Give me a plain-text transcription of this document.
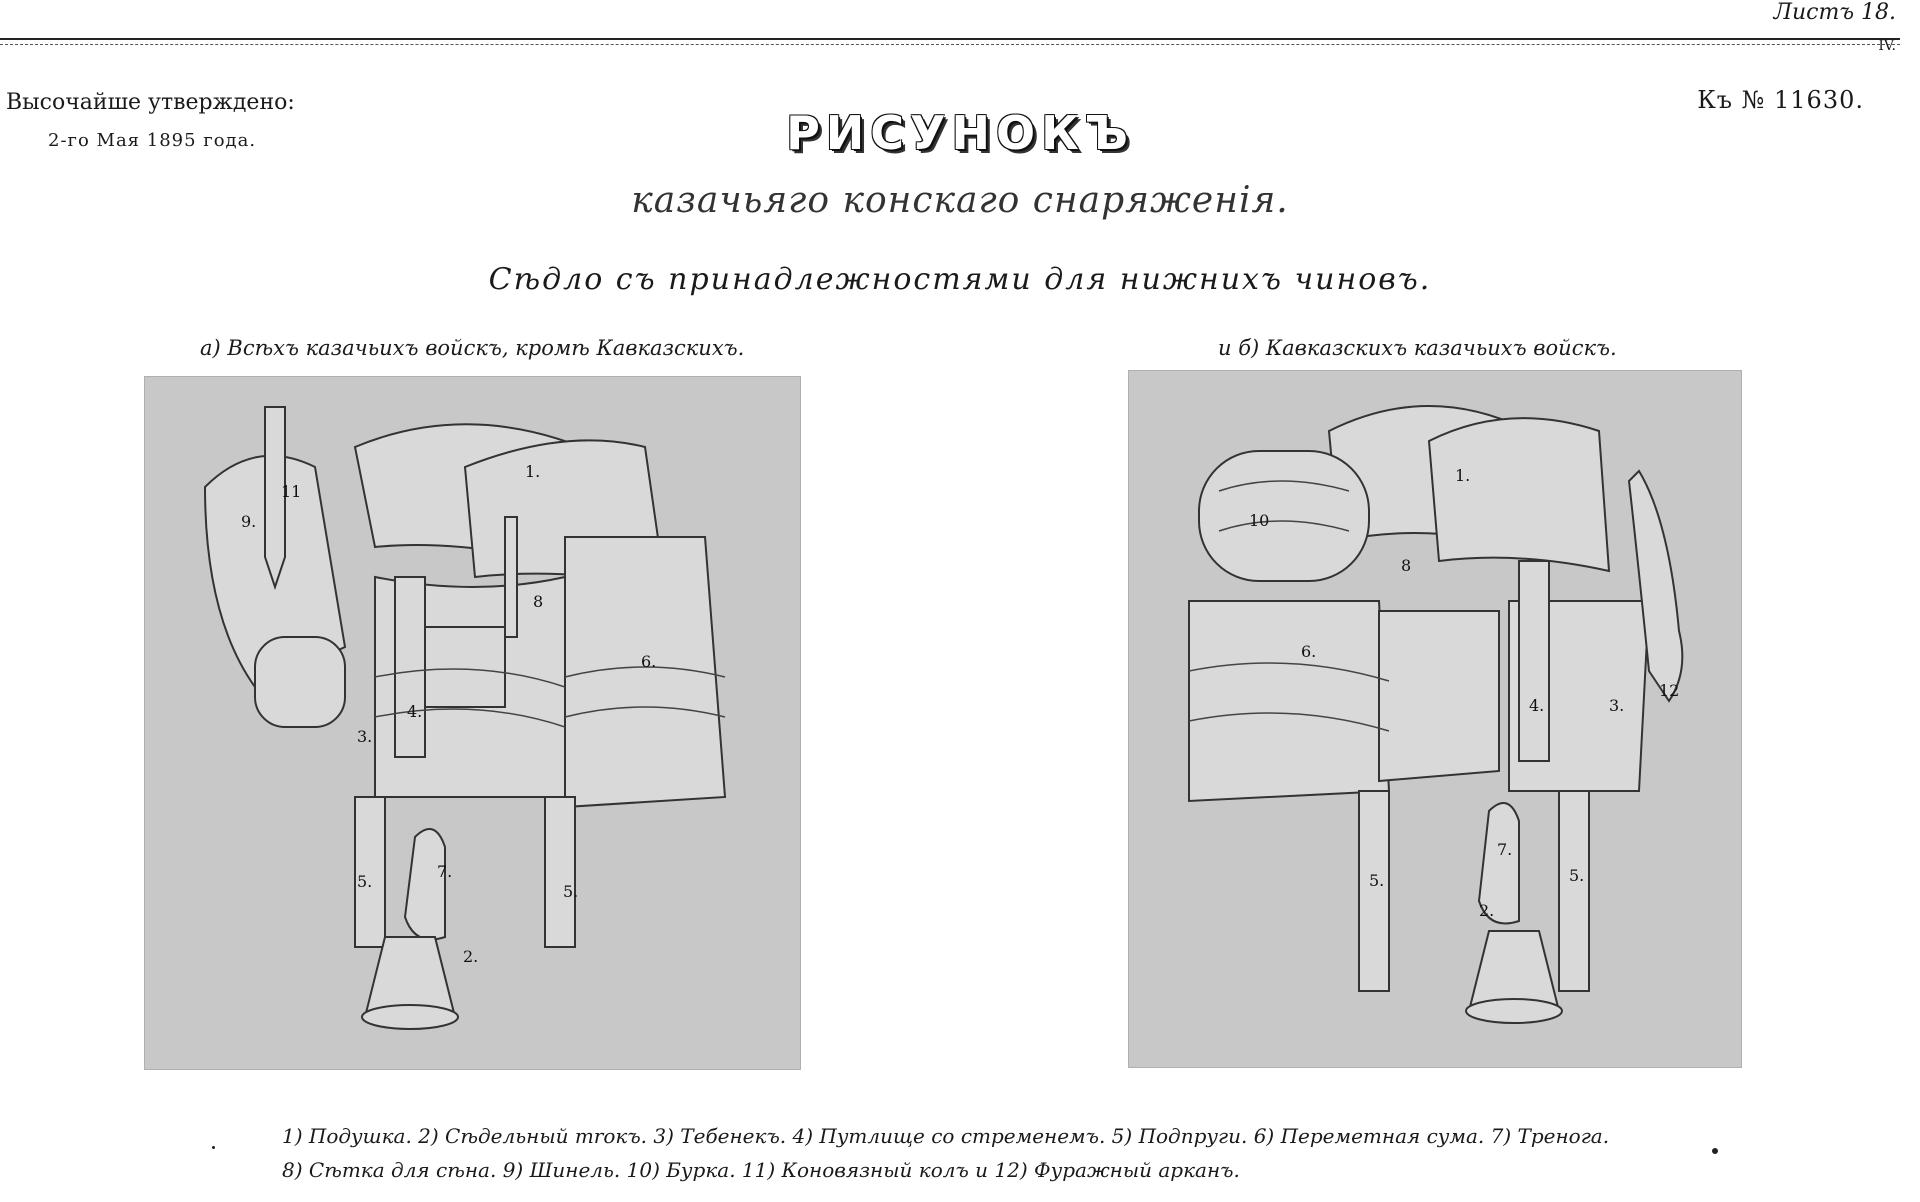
Листъ 18.
IV.
Высочайше утверждено:
2-го Мая 1895 года.
Къ № 11630.
РИСУНОКЪ
казачьяго конскаго снаряженія.
Сѣдло съ принадлежностями для нижнихъ чиновъ.
а) Всѣхъ казачьихъ войскъ, кромѣ Кавказскихъ.	и б) Кавказскихъ казачьихъ войскъ.
1.
2.
3.
4.
5.
5.
6.
7.
8
9.
11
1.
2.
3.
4.
5.	5.
6.
7.
8
10
12
1) Подушка. 2) Сѣдельный тrокъ. 3) Тебенекъ. 4) Путлище со стременемъ. 5) Подпруги. 6) Переметная сума. 7) Тренога.
8) Сѣтка для сѣна. 9) Шинель. 10) Бурка. 11) Коновязный колъ и 12) Фуражный арканъ.
